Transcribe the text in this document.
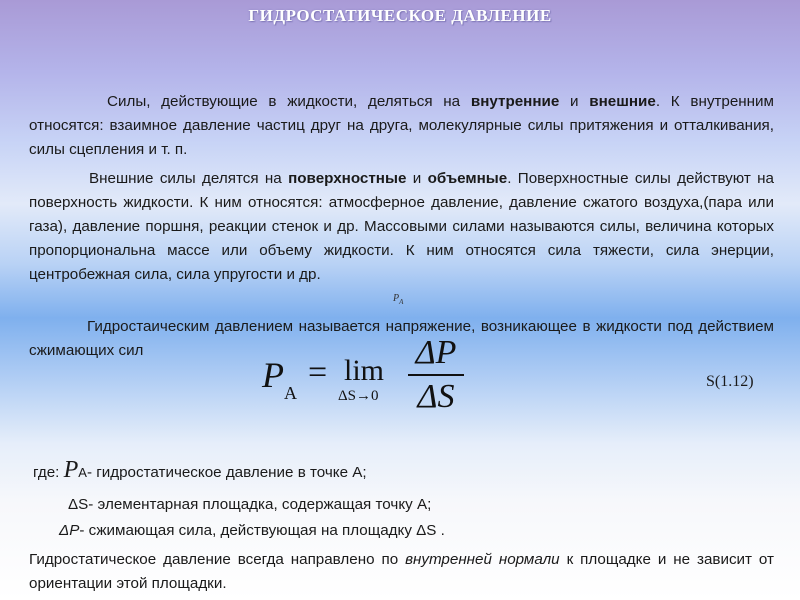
ГИДРОСТАТИЧЕСКОЕ ДАВЛЕНИЕ

Силы, действующие в жидкости, деляться на внутренние и внешние. К внутренним относятся: взаимное давление частиц друг на друга, молекулярные силы притяжения и отталкивания, силы сцепления и т. п.

Внешние силы делятся на поверхностные и объемные. Поверхностные силы действуют на поверхность жидкости. К ним относятся: атмосферное давление, давление сжатого воздуха,(пара или газа), давление поршня, реакции стенок и др. Массовыми силами называются силы, величина которых пропорциональна массе или объему жидкости. К ним относятся сила тяжести, сила энерции, центробежная сила, сила упругости и др.

$P_A$

Гидростаическим давлением называется напряжение, возникающее в жидкости под действием сжимающих сил

$P_A$
= lim
ΔS→0
ΔP
ΔS	S(1.12)
где: PA- гидростатическое давление в точке А;
ΔS- элементарная площадка, содержащая точку А;
ΔP- сжимающая сила, действующая на площадку ΔS .

Гидростатическое давление всегда направлено по внутренней нормали к площадке и не зависит от ориентации этой площадки.
